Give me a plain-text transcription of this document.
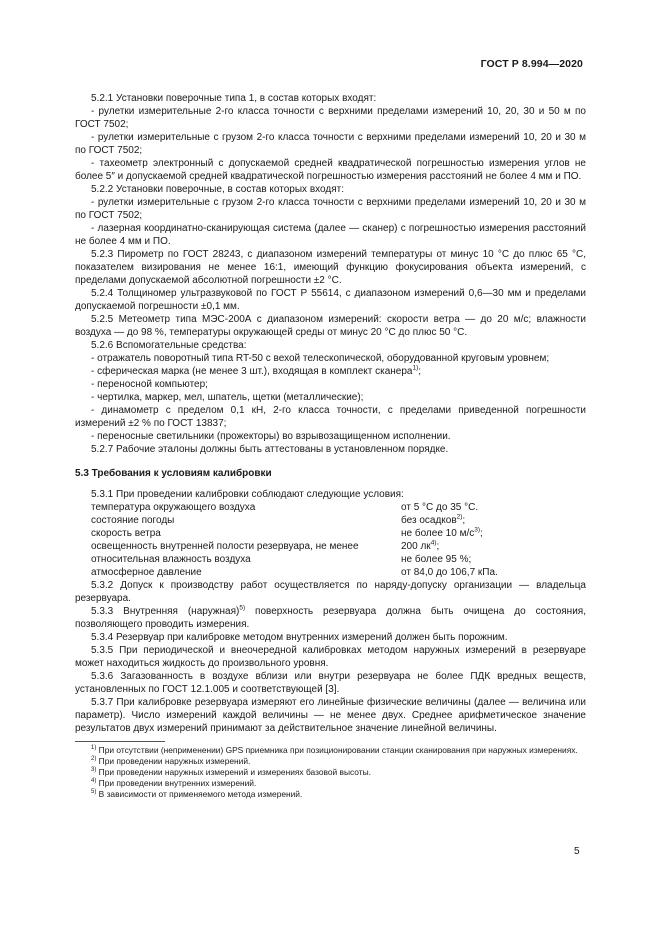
ГОСТ Р 8.994—2020

5.2.1 Установки поверочные типа 1, в состав которых входят:

- рулетки измерительные 2-го класса точности с верхними пределами измерений 10, 20, 30 и 50 м по ГОСТ 7502;

- рулетки измерительные с грузом 2-го класса точности с верхними пределами измерений 10, 20 и 30 м по ГОСТ 7502;

- тахеометр электронный с допускаемой средней квадратической погрешностью измерения углов не более 5″ и допускаемой средней квадратической погрешностью измерения расстояний не более 4 мм и ПО.

5.2.2 Установки поверочные, в состав которых входят:

- рулетки измерительные с грузом 2-го класса точности с верхними пределами измерений 10, 20 и 30 м по ГОСТ 7502;

- лазерная координатно-сканирующая система (далее — сканер) с погрешностью измерения расстояний не более 4 мм и ПО.

5.2.3 Пирометр по ГОСТ 28243, с диапазоном измерений температуры от минус 10 °С до плюс 65 °С, показателем визирования не менее 16:1, имеющий функцию фокусирования объекта измерений, с пределами допускаемой абсолютной погрешности ±2 °С.

5.2.4 Толщиномер ультразвуковой по ГОСТ Р 55614, с диапазоном измерений 0,6—30 мм и пределами допускаемой погрешности ±0,1 мм.

5.2.5 Метеометр типа МЭС-200А с диапазоном измерений: скорости ветра — до 20 м/с; влажности воздуха — до 98 %, температуры окружающей среды от минус 20 °С до плюс 50 °С.

5.2.6 Вспомогательные средства:

- отражатель поворотный типа RT-50 с вехой телескопической, оборудованной круговым уровнем;

- сферическая марка (не менее 3 шт.), входящая в комплект сканера$^{1)}$;

- переносной компьютер;

- чертилка, маркер, мел, шпатель, щетки (металлические);

- динамометр с пределом 0,1 кН, 2-го класса точности, с пределами приведенной погрешности измерений ±2 % по ГОСТ 13837;

- переносные светильники (прожекторы) во взрывозащищенном исполнении.

5.2.7 Рабочие эталоны должны быть аттестованы в установленном порядке.

5.3 Требования к условиям калибровки
5.3.1 При проведении калибровки соблюдают следующие условия:
температура окружающего воздуха	от 5 °С до 35 °С.
состояние погоды	без осадков$^{2)}$;
скорость ветра	не более 10 $м/с^{3)}$;
освещенность внутренней полости резервуара, не менее	200 $лк^{4)}$;
относительная влажность воздуха	не более 95 %;
атмосферное давление	от 84,0 до 106,7 кПа.

5.3.2 Допуск к производству работ осуществляется по наряду-допуску организации — владельца резервуара.

5.3.3 Внутренняя (наружная)$^{5)}$ поверхность резервуара должна быть очищена до состояния, позволяющего проводить измерения.

5.3.4 Резервуар при калибровке методом внутренних измерений должен быть порожним.

5.3.5 При периодической и внеочередной калибровках методом наружных измерений в резервуаре может находиться жидкость до произвольного уровня.

5.3.6 Загазованность в воздухе вблизи или внутри резервуара не более ПДК вредных веществ, установленных по ГОСТ 12.1.005 и соответствующей [3].

5.3.7 При калибровке резервуара измеряют его линейные физические величины (далее — величина или параметр). Число измерений каждой величины — не менее двух. Среднее арифметическое значение результатов двух измерений принимают за действительное значение линейной величины.

$^{1)}$ При отсутствии (неприменении) GPS приемника при позиционировании станции сканирования при наружных измерениях.

$^{2)}$ При проведении наружных измерений.

$^{3)}$ При проведении наружных измерений и измерениях базовой высоты.

$^{4)}$ При проведении внутренних измерений.

$^{5)}$ В зависимости от применяемого метода измерений.

5
